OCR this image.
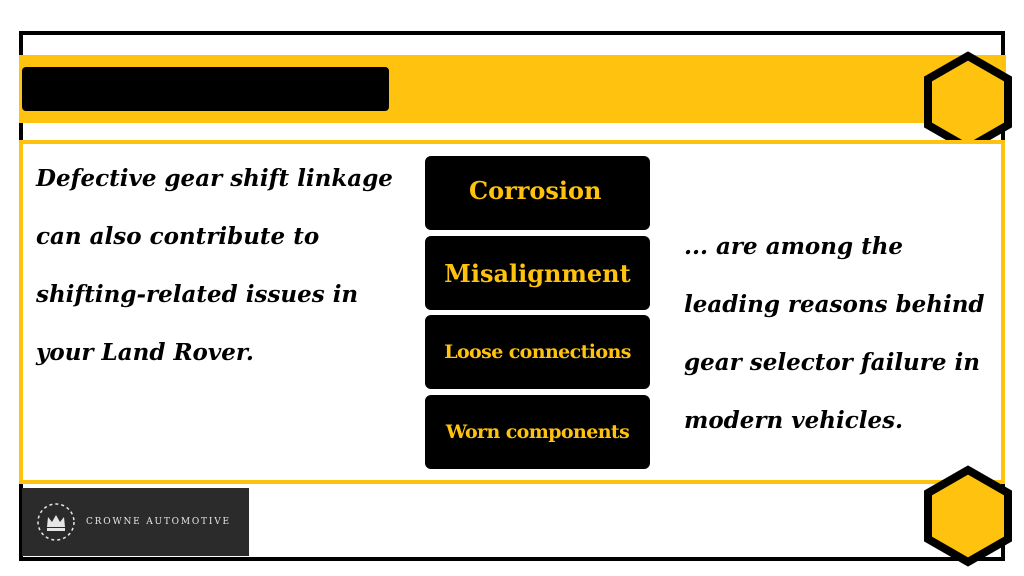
Defective gear shift linkage can also contribute to shifting-related issues in your Land Rover.

Corrosion
Misalignment
Loose connections
Worn components

... are among the leading reasons behind gear selector failure in modern vehicles.

CROWNE AUTOMOTIVE
